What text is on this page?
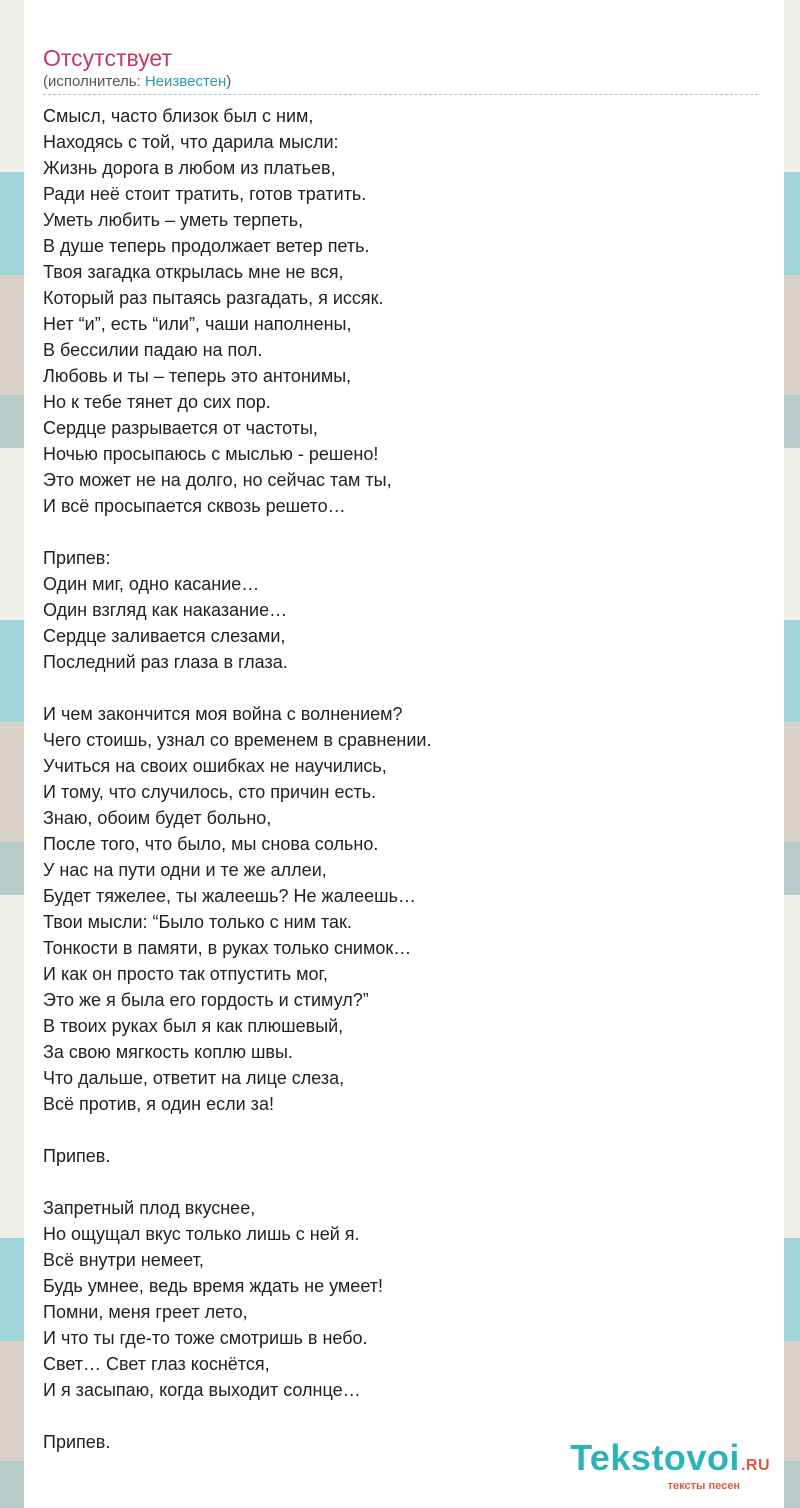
Отсутствует
(исполнитель: Неизвестен)
Смысл, часто близок был с ним,
Находясь с той, что дарила мысли:
Жизнь дорога в любом из платьев,
Ради неё стоит тратить, готов тратить.
Уметь любить – уметь терпеть,
В душе теперь продолжает ветер петь.
Твоя загадка открылась мне не вся,
Который раз пытаясь разгадать, я иссяк.
Нет “и”, есть “или”, чаши наполнены,
В бессилии падаю на пол.
Любовь и ты – теперь это антонимы,
Но к тебе тянет до сих пор.
Сердце разрывается от частоты,
Ночью просыпаюсь с мыслью - решено!
Это может не на долго, но сейчас там ты,
И всё просыпается сквозь решето…
Припев:
Один миг, одно касание…
Один взгляд как наказание…
Сердце заливается слезами,
Последний раз глаза в глаза.
И чем закончится моя война с волнением?
Чего стоишь, узнал со временем в сравнении.
Учиться на своих ошибках не научились,
И тому, что случилось, сто причин есть.
Знаю, обоим будет больно,
После того, что было, мы снова сольно.
У нас на пути одни и те же аллеи,
Будет тяжелее, ты жалеешь? Не жалеешь…
Твои мысли: “Было только с ним так.
Тонкости в памяти, в руках только снимок…
И как он просто так отпустить мог,
Это же я была его гордость и стимул?”
В твоих руках был я как плюшевый,
За свою мягкость коплю швы.
Что дальше, ответит на лице слеза,
Всё против, я один если за!
Припев.
Запретный плод вкуснее,
Но ощущал вкус только лишь с ней я.
Всё внутри немеет,
Будь умнее, ведь время ждать не умеет!
Помни, меня греет лето,
И что ты где-то тоже смотришь в небо.
Свет… Свет глаз коснётся,
И я засыпаю, когда выходит солнце…
Припев.	Tekstovoi.RU
тексты песен
